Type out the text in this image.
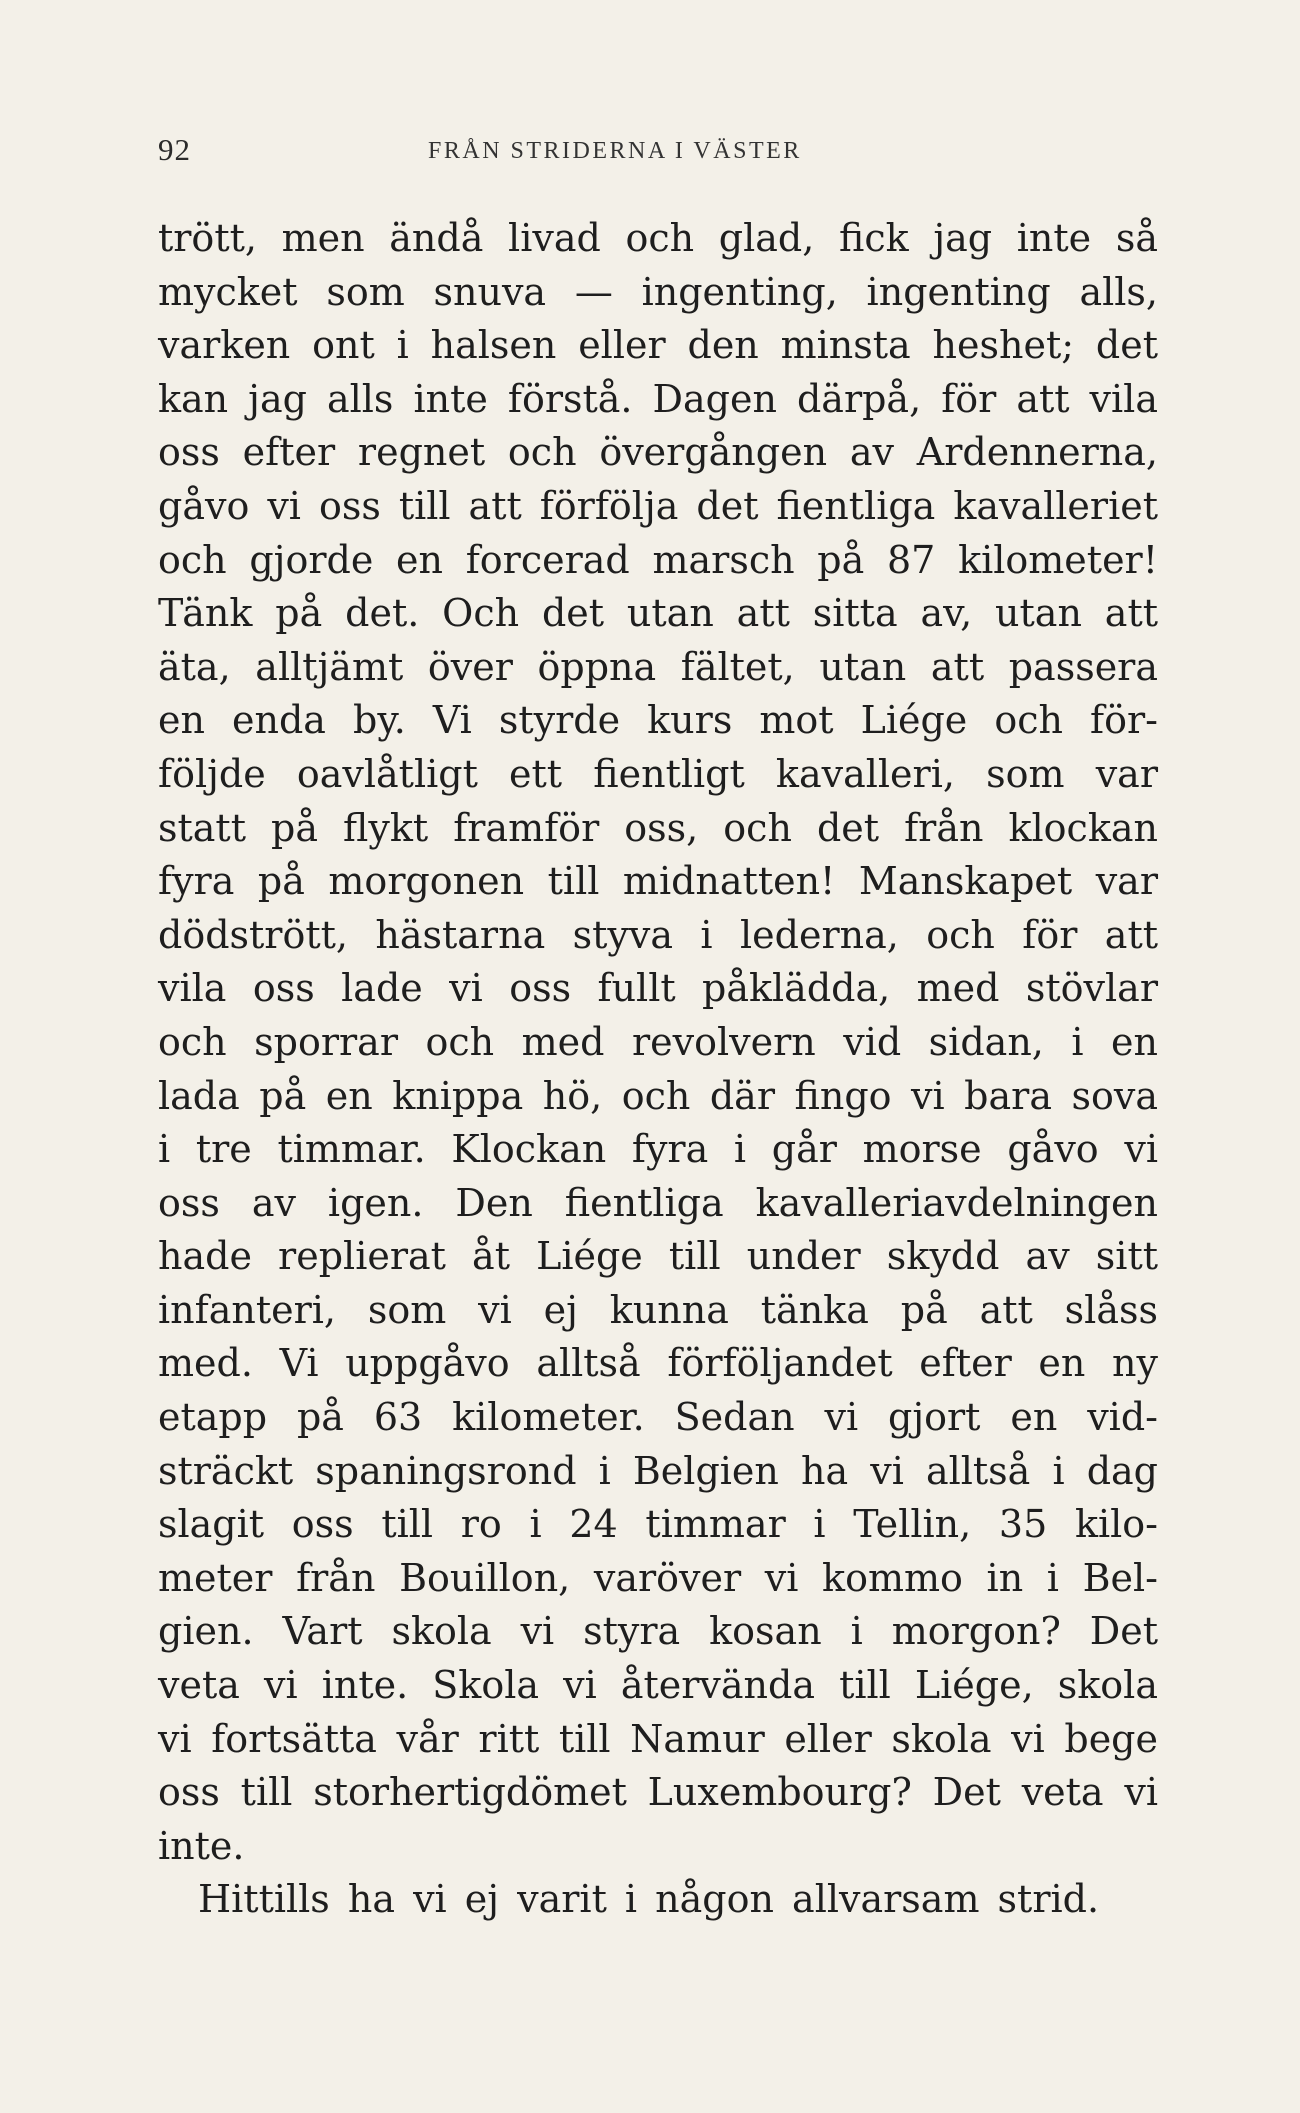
92	FRÅN STRIDERNA I VÄSTER
trött, men ändå livad och glad, fick jag inte så
mycket som snuva — ingenting, ingenting alls,
varken ont i halsen eller den minsta heshet; det
kan jag alls inte förstå. Dagen därpå, för att vila
oss efter regnet och övergången av Ardennerna,
gåvo vi oss till att förfölja det fientliga kavalleriet
och gjorde en forcerad marsch på 87 kilometer!
Tänk på det. Och det utan att sitta av, utan att
äta, alltjämt över öppna fältet, utan att passera
en enda by. Vi styrde kurs mot Liége och för-
följde oavlåtligt ett fientligt kavalleri, som var
statt på flykt framför oss, och det från klockan
fyra på morgonen till midnatten! Manskapet var
dödstrött, hästarna styva i lederna, och för att
vila oss lade vi oss fullt påklädda, med stövlar
och sporrar och med revolvern vid sidan, i en
lada på en knippa hö, och där fingo vi bara sova
i tre timmar. Klockan fyra i går morse gåvo vi
oss av igen. Den fientliga kavalleriavdelningen
hade replierat åt Liége till under skydd av sitt
infanteri, som vi ej kunna tänka på att slåss
med. Vi uppgåvo alltså förföljandet efter en ny
etapp på 63 kilometer. Sedan vi gjort en vid-
sträckt spaningsrond i Belgien ha vi alltså i dag
slagit oss till ro i 24 timmar i Tellin, 35 kilo-
meter från Bouillon, varöver vi kommo in i Bel-
gien. Vart skola vi styra kosan i morgon? Det
veta vi inte. Skola vi återvända till Liége, skola
vi fortsätta vår ritt till Namur eller skola vi bege
oss till storhertigdömet Luxembourg? Det veta vi
inte.
Hittills ha vi ej varit i någon allvarsam strid.
